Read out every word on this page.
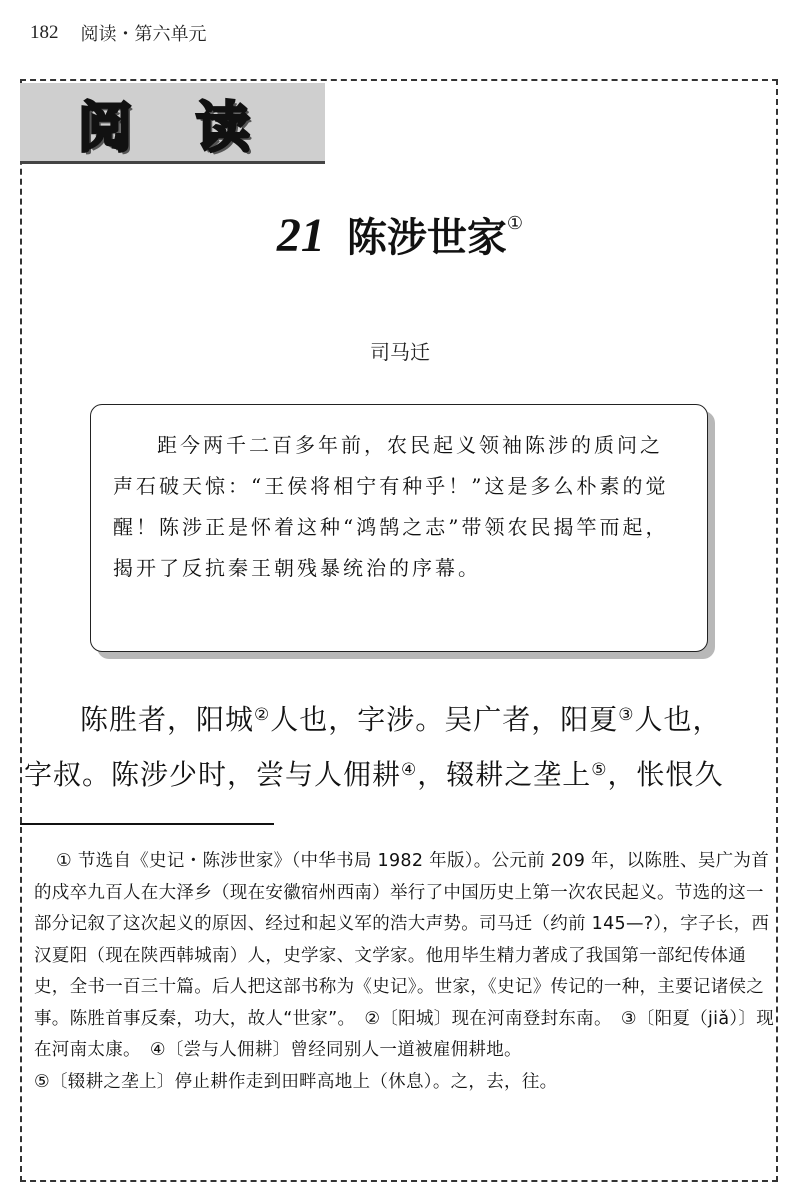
182 阅读・第六单元
阅读
21 陈涉世家①
司马迁

距今两千二百多年前，农民起义领袖陈涉的质问之声石破天惊：“王侯将相宁有种乎！”这是多么朴素的觉醒！陈涉正是怀着这种“鸿鹄之志”带领农民揭竿而起，揭开了反抗秦王朝残暴统治的序幕。

陈胜者，阳城②人也，字涉。吴广者，阳夏③人也，
字叔。陈涉少时，尝与人佣耕④，辍耕之垄上⑤，怅恨久

① 节选自《史记・陈涉世家》（中华书局 1982 年版）。公元前 209 年，以陈胜、吴广为首的戍卒九百人在大泽乡（现在安徽宿州西南）举行了中国历史上第一次农民起义。节选的这一部分记叙了这次起义的原因、经过和起义军的浩大声势。司马迁（约前 145—?），字子长，西汉夏阳（现在陕西韩城南）人，史学家、文学家。他用毕生精力著成了我国第一部纪传体通史，全书一百三十篇。后人把这部书称为《史记》。世家，《史记》传记的一种，主要记诸侯之事。陈胜首事反秦，功大，故人“世家”。　②〔阳城〕现在河南登封东南。　③〔阳夏（jiǎ）〕现在河南太康。　④〔尝与人佣耕〕曾经同别人一道被雇佣耕地。

⑤〔辍耕之垄上〕停止耕作走到田畔高地上（休息）。之，去，往。
